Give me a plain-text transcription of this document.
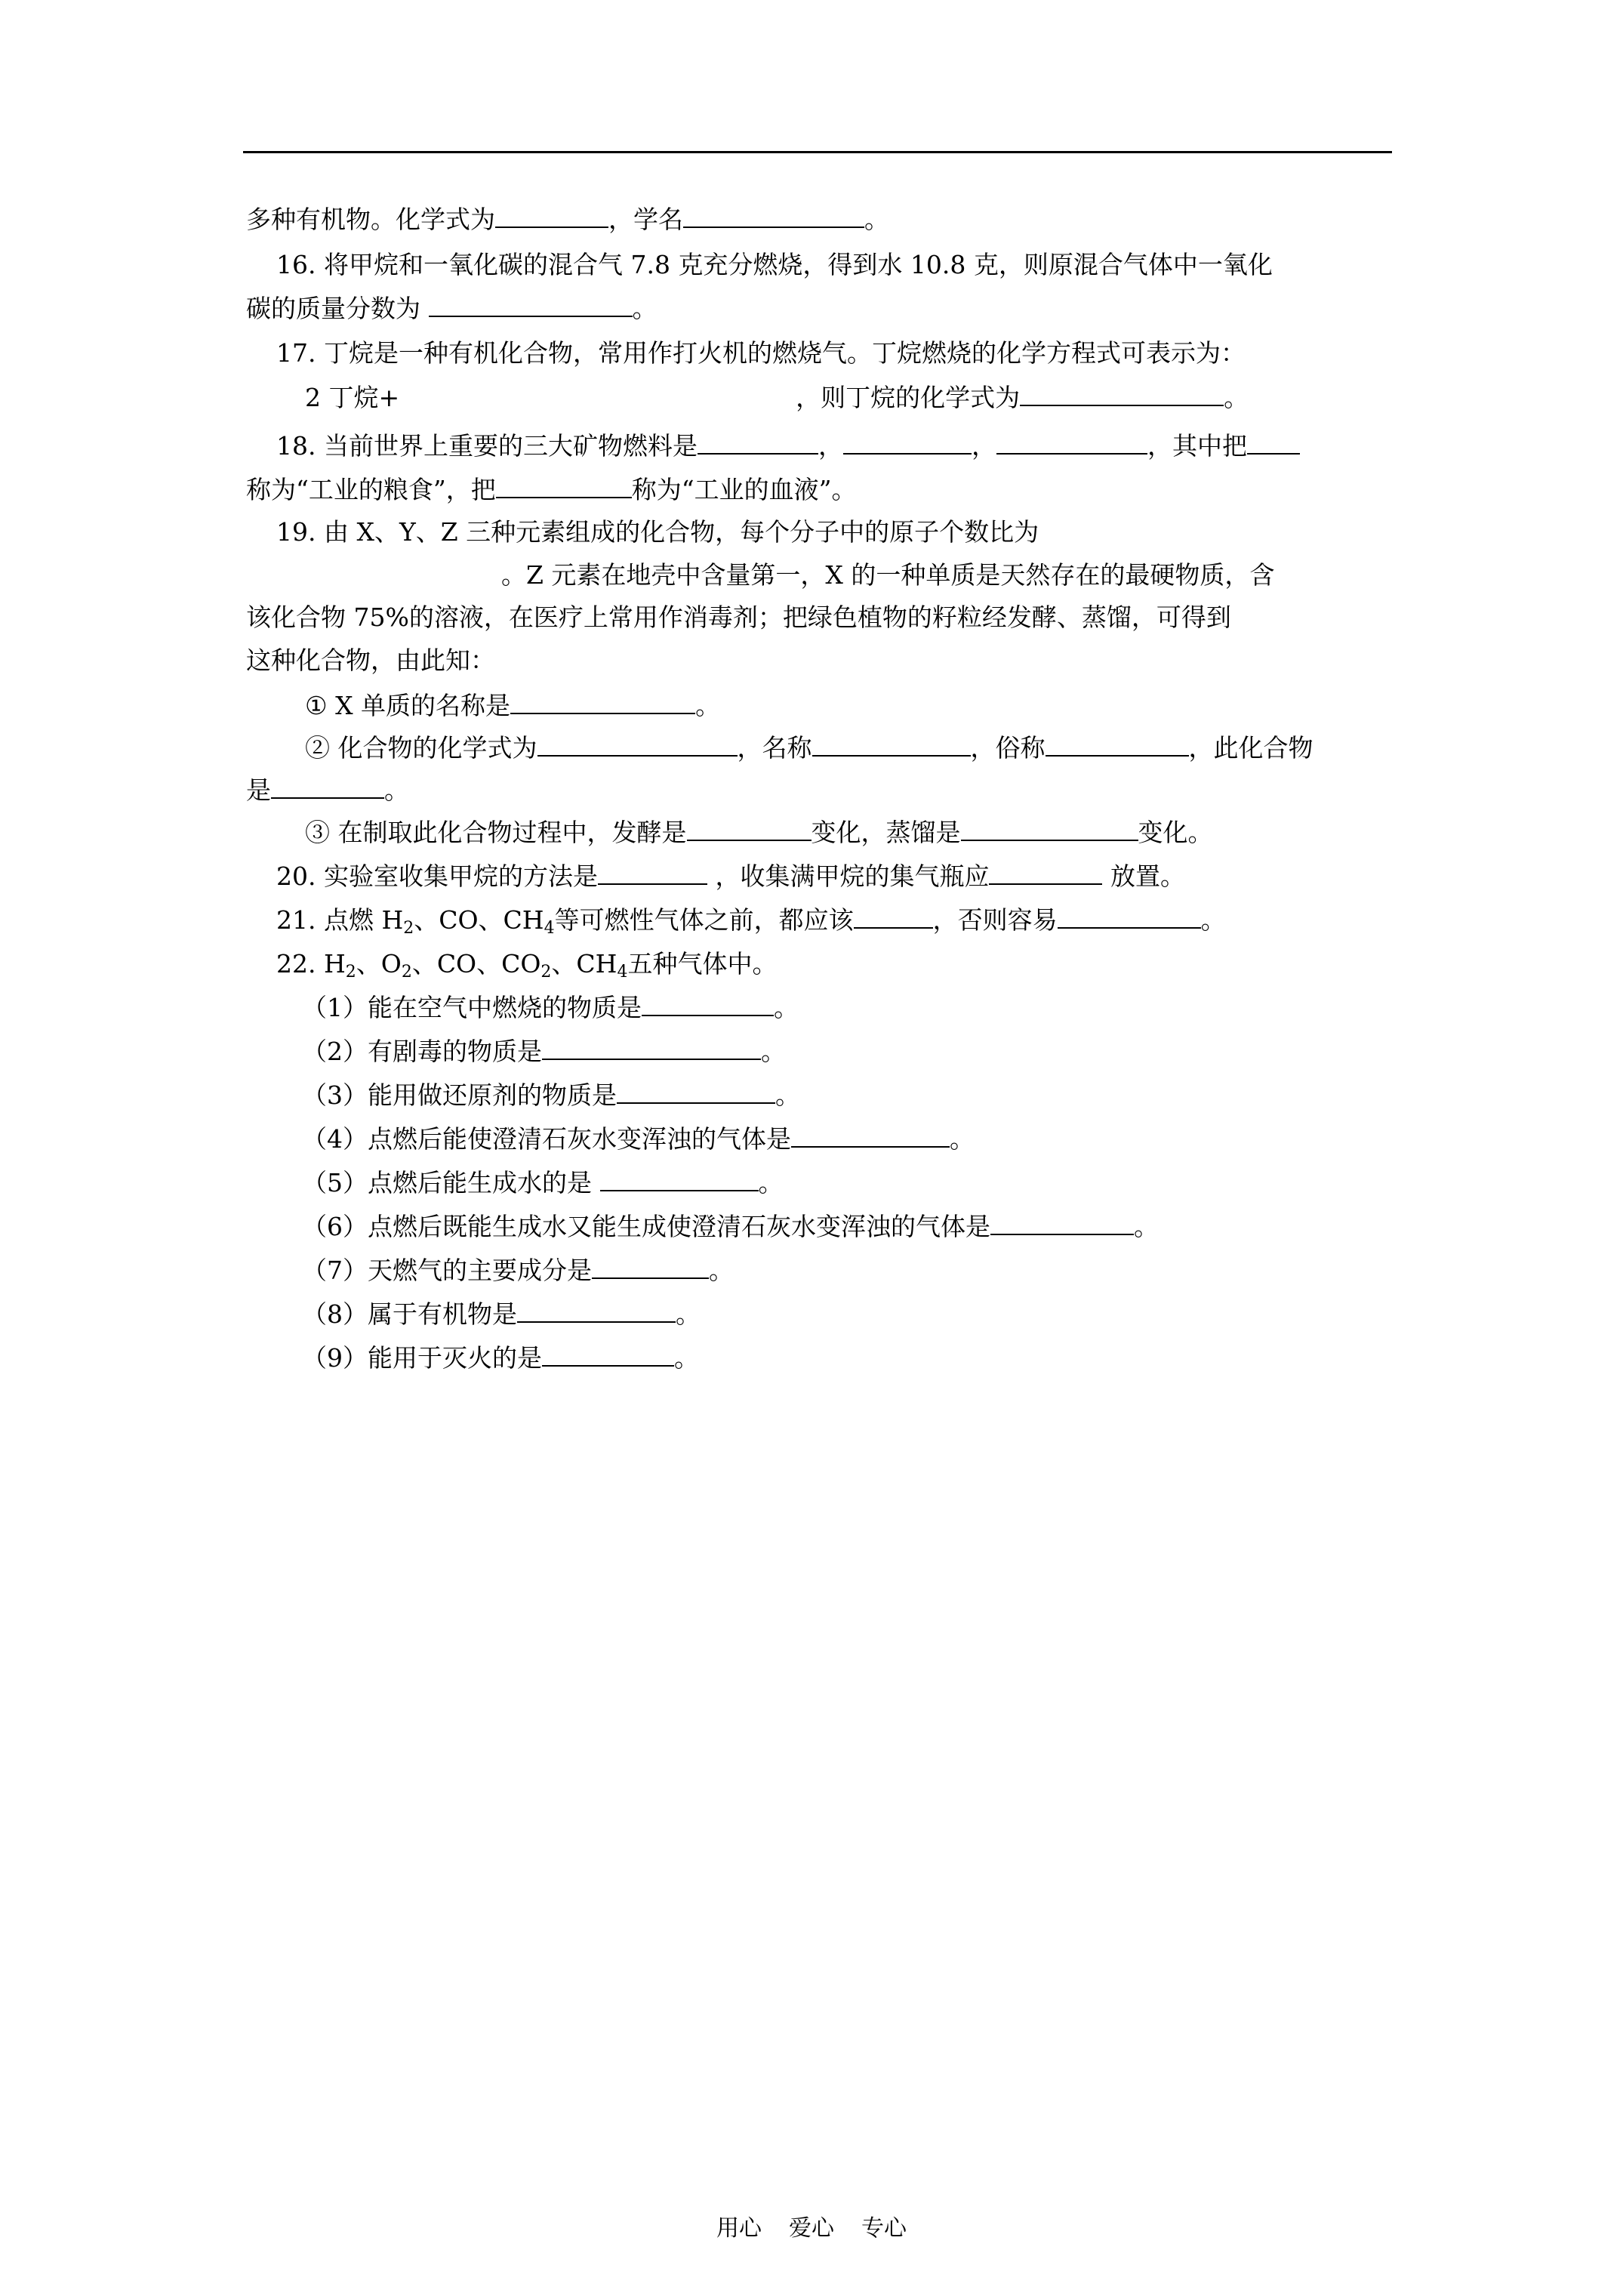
多种有机物。化学式为	，学名	。
16. 将甲烷和一氧化碳的混合气 7.8 克充分燃烧，得到水 10.8 克，则原混合气体中一氧化
碳的质量分数为	。
17. 丁烷是一种有机化合物，常用作打火机的燃烧气。丁烷燃烧的化学方程式可表示为：
2 丁烷+	，则丁烷的化学式为	。
18. 当前世界上重要的三大矿物燃料是	，	，	，其中把
称为“工业的粮食”，把	称为“工业的血液”。
19. 由 X、Y、Z 三种元素组成的化合物，每个分子中的原子个数比为
。Z 元素在地壳中含量第一，X 的一种单质是天然存在的最硬物质，含
该化合物 75%的溶液，在医疗上常用作消毒剂；把绿色植物的籽粒经发酵、蒸馏，可得到
这种化合物，由此知：
① X 单质的名称是	。
② 化合物的化学式为	，名称	，俗称	，此化合物
是	。
③ 在制取此化合物过程中，发酵是	变化，蒸馏是	变化。
20. 实验室收集甲烷的方法是	，收集满甲烷的集气瓶应	放置。
21. 点燃 $H_2$、CO、$CH_4$等可燃性气体之前，都应该	，否则容易	。
22. $H_2$、$O_2$、CO、$CO_2$、$CH_4$五种气体中。
（1）能在空气中燃烧的物质是	。
（2）有剧毒的物质是	。
（3）能用做还原剂的物质是	。
（4）点燃后能使澄清石灰水变浑浊的气体是	。
（5）点燃后能生成水的是	。
（6）点燃后既能生成水又能生成使澄清石灰水变浑浊的气体是	。
（7）天燃气的主要成分是	。
（8）属于有机物是	。
（9）能用于灭火的是	。
用心 爱心 专心
